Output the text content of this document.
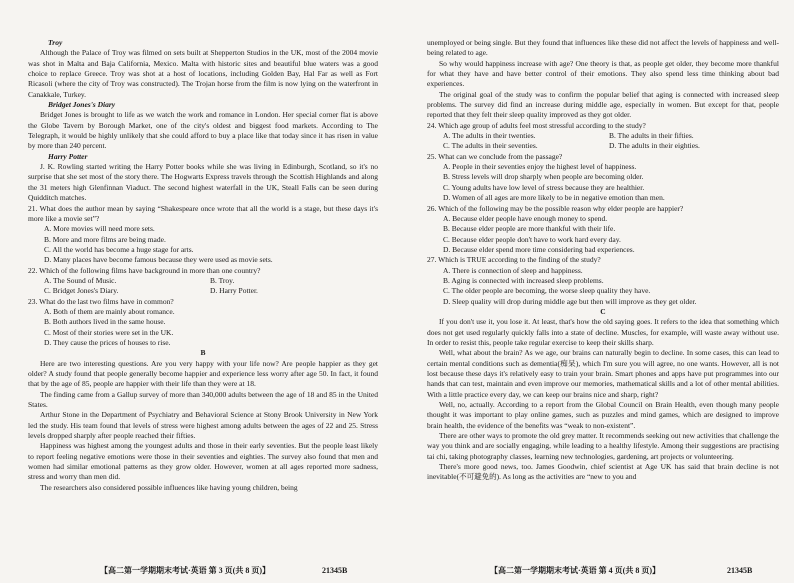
Troy

Although the Palace of Troy was filmed on sets built at Shepperton Studios in the UK, most of the 2004 movie was shot in Malta and Baja California, Mexico. Malta with historic sites and beautiful blue waters was a good choice to replace Greece. Troy was shot at a host of locations, including Golden Bay, Hal Far as well as Fort Ricasoli (where the city of Troy was constructed). The Trojan horse from the film is now lying on the waterfront in Canakkale, Turkey.

Bridget Jones's Diary

Bridget Jones is brought to life as we watch the work and romance in London. Her special corner flat is above the Globe Tavern by Borough Market, one of the city's oldest and biggest food markets. According to The Telegraph, it would be highly unlikely that she could afford to buy a place like that today since it has risen in value by more than 240 percent.

Harry Potter

J. K. Rowling started writing the Harry Potter books while she was living in Edinburgh, Scotland, so it's no surprise that she set most of the story there. The Hogwarts Express travels through the Scottish Highlands and along the 31 meters high Glenfinnan Viaduct. The second highest waterfall in the UK, Steall Falls can be seen during Quidditch matches.

21. What does the author mean by saying “Shakespeare once wrote that all the world is a stage, but these days it's more like a movie set”?

A. More movies will need more sets.

B. More and more films are being made.

C. All the world has become a huge stage for arts.

D. Many places have become famous because they were used as movie sets.

22. Which of the following films have background in more than one country?

A. The Sound of Music.	B. Troy.

C. Bridget Jones's Diary.	D. Harry Potter.

23. What do the last two films have in common?

A. Both of them are mainly about romance.

B. Both authors lived in the same house.

C. Most of their stories were set in the UK.

D. They cause the prices of houses to rise.

B

Here are two interesting questions. Are you very happy with your life now? Are people happier as they get older? A study found that people generally become happier and experience less worry after age 50. In fact, it found that by the age of 85, people are happier with their life than they were at 18.

The finding came from a Gallup survey of more than 340,000 adults between the age of 18 and 85 in the United States.

Arthur Stone in the Department of Psychiatry and Behavioral Science at Stony Brook University in New York led the study. His team found that levels of stress were highest among adults between the ages of 22 and 25. Stress levels dropped sharply after people reached their fifties.

Happiness was highest among the youngest adults and those in their early seventies. But the people least likely to report feeling negative emotions were those in their seventies and eighties. The survey also found that men and women had similar emotional patterns as they grow older. However, women at all ages reported more sadness, stress and worry than men did.

The researchers also considered possible influences like having young children, being

unemployed or being single. But they found that influences like these did not affect the levels of happiness and well-being related to age.

So why would happiness increase with age? One theory is that, as people get older, they become more thankful for what they have and have better control of their emotions. They also spend less time thinking about bad experiences.

The original goal of the study was to confirm the popular belief that aging is connected with increased sleep problems. The survey did find an increase during middle age, especially in women. But except for that, people reported that they felt their sleep quality improved as they got older.

24. Which age group of adults feel most stressful according to the study?

A. The adults in their twenties.	B. The adults in their fifties.

C. The adults in their seventies.	D. The adults in their eighties.

25. What can we conclude from the passage?

A. People in their seventies enjoy the highest level of happiness.

B. Stress levels will drop sharply when people are becoming older.

C. Young adults have low level of stress because they are healthier.

D. Women of all ages are more likely to be in negative emotion than men.

26. Which of the following may be the possible reason why elder people are happier?

A. Because elder people have enough money to spend.

B. Because elder people are more thankful with their life.

C. Because elder people don't have to work hard every day.

D. Because elder spend more time considering bad experiences.

27. Which is TRUE according to the finding of the study?

A. There is connection of sleep and happiness.

B. Aging is connected with increased sleep problems.

C. The older people are becoming, the worse sleep quality they have.

D. Sleep quality will drop during middle age but then will improve as they get older.

C

If you don't use it, you lose it. At least, that's how the old saying goes. It refers to the idea that something which does not get used regularly quickly falls into a state of decline. Muscles, for example, will waste away without use. In order to resist this, people take regular exercise to keep their skills sharp.

Well, what about the brain? As we age, our brains can naturally begin to decline. In some cases, this can lead to certain mental conditions such as dementia(痴呆), which I'm sure you will agree, no one wants. However, all is not lost because these days it's relatively easy to train your brain. Smart phones and apps have put programmes into our hands that can test, maintain and even improve our memories, mathematical skills and a lot of other mental abilities. With a little practice every day, we can keep our brains nice and sharp, right?

Well, no, actually. According to a report from the Global Council on Brain Health, even though many people thought it was important to play online games, such as puzzles and mind games, which are designed to improve brain health, the evidence of the benefits was “weak to non-existent”.

There are other ways to promote the old grey matter. It recommends seeking out new activities that challenge the way you think and are socially engaging, while leading to a healthy lifestyle. Among their suggestions are practising tai chi, taking photography classes, learning new technologies, gardening, art projects or volunteering.

There's more good news, too. James Goodwin, chief scientist at Age UK has said that brain decline is not inevitable(不可避免的). As long as the activities are “new to you and

【高二第一学期期末考试·英语 第 3 页(共 8 页)】	21345B	【高二第一学期期末考试·英语 第 4 页(共 8 页)】	21345B
